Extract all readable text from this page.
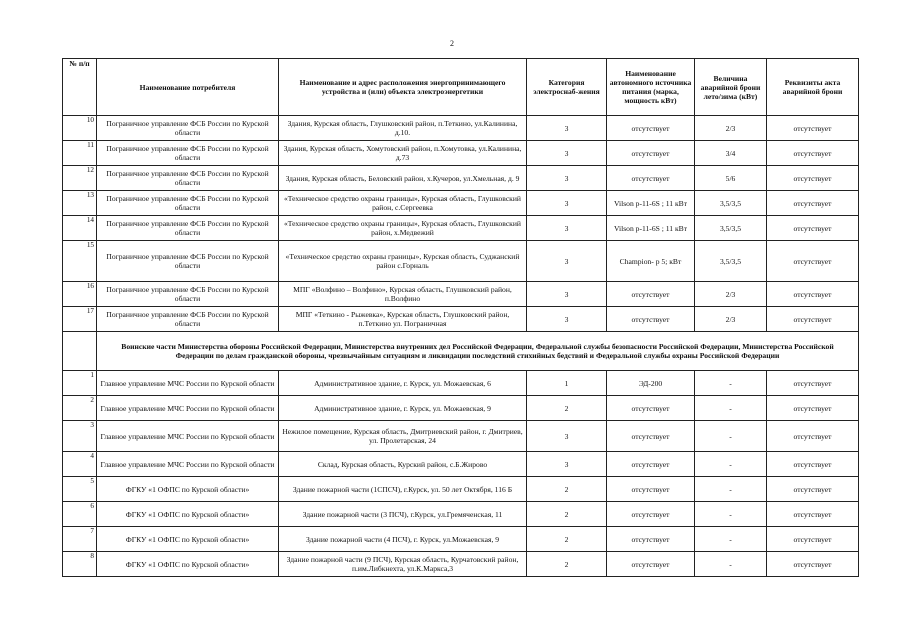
2
№ п/п	Наименование потребителя	Наименование и адрес расположения энергопринимающего устройства и (или) объекта электроэнергетики	Категория электроснаб-жения	Наименование автономного источника питания (марка, мощность кВт)	Величина аварийной брони лето/зима (кВт)	Реквизиты акта аварийной брони
10	Пограничное управление ФСБ России по Курской области	Здания, Курская область, Глушковский район, п.Теткино, ул.Калинина, д.10.	3	отсутствует	2/3	отсутствует
11	Пограничное управление ФСБ России по Курской области	Здания, Курская область, Хомутовский район, п.Хомутовка, ул.Калинина, д.73	3	отсутствует	3/4	отсутствует
12	Пограничное управление ФСБ России по Курской области	Здания, Курская область, Беловский район, х.Кучеров, ул.Хмельная, д. 9	3	отсутствует	5/6	отсутствует
13	Пограничное управление ФСБ России по Курской области	«Техническое средство охраны границы», Курская область, Глушковский район, с.Сергеевка	3	Vilson p-11-6S ; 11 кВт	3,5/3,5	отсутствует
14	Пограничное управление ФСБ России по Курской области	«Техническое средство охраны границы», Курская область, Глушковский район, х.Медвежий	3	Vilson p-11-6S ; 11 кВт	3,5/3,5	отсутствует
15	Пограничное управление ФСБ России по Курской области	«Техническое средство охраны границы», Курская область, Суджанский район с.Горналь	3	Champion- p 5; кВт	3,5/3,5	отсутствует
16	Пограничное управление ФСБ России по Курской области	МПГ «Волфино – Волфино», Курская область, Глушковский район, п.Волфино	3	отсутствует	2/3	отсутствует
17	Пограничное управление ФСБ России по Курской области	МПГ «Теткино - Рыжевка», Курская область, Глушковский район, п.Теткино ул. Пограничная	3	отсутствует	2/3	отсутствует
	Воинские части Министерства обороны Российской Федерации, Министерства внутренних дел Российской Федерации, Федеральной службы безопасности Российской Федерации, Министерства Российской Федерации по делам гражданской обороны, чрезвычайным ситуациям и ликвидации последствий стихийных бедствий и Федеральной службы охраны Российской Федерации					
1	Главное управление МЧС России по Курской области	Административное здание, г. Курск, ул. Можаевская, 6	1	ЭД-200	-	отсутствует
2	Главное управление МЧС России по Курской области	Административное здание, г. Курск, ул. Можаевская, 9	2	отсутствует	-	отсутствует
3	Главное управление МЧС России по Курской области	Нежилое помещение, Курская область, Дмитриевский район, г. Дмитриев, ул. Пролетарская, 24	3	отсутствует	-	отсутствует
4	Главное управление МЧС России по Курской области	Склад, Курская область, Курский район, с.Б.Жирово	3	отсутствует	-	отсутствует
5	ФГКУ «1 ОФПС по Курской области»	Здание пожарной части (1СПСЧ), г.Курск, ул. 50 лет Октября, 116 Б	2	отсутствует	-	отсутствует
6	ФГКУ «1 ОФПС по Курской области»	Здание пожарной части (3 ПСЧ), г.Курск, ул.Гремяченская, 11	2	отсутствует	-	отсутствует
7	ФГКУ «1 ОФПС по Курской области»	Здание пожарной части (4 ПСЧ), г. Курск, ул.Можаевская, 9	2	отсутствует	-	отсутствует
8	ФГКУ «1 ОФПС по Курской области»	Здание пожарной части (9 ПСЧ), Курская область, Курчатовский район, п.им.Либкнехта, ул.К.Маркса,3	2	отсутствует	-	отсутствует
